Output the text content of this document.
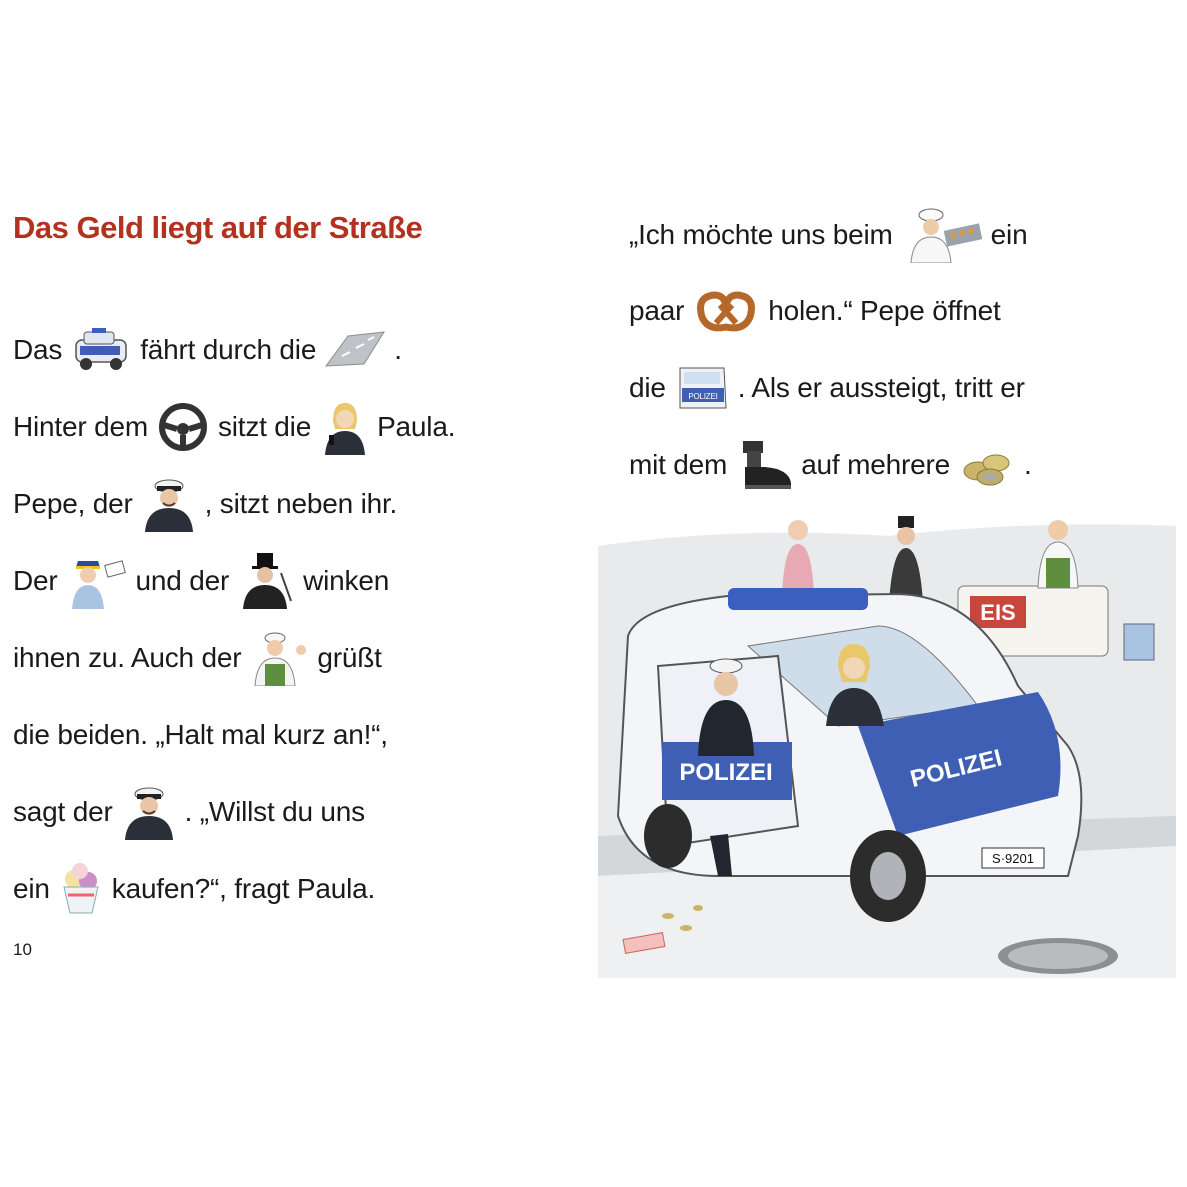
Das Geld liegt auf der Straße
Das	fährt durch die	.
Hinter dem	sitzt die Paula.
Pepe, der	, sitzt neben ihr.
Der	und der	winken
ihnen zu. Auch der	grüßt
die beiden. „Halt mal kurz an!“,
sagt der	. „Willst du uns
ein kaufen?“, fragt Paula.
10
„Ich möchte uns beim	ein
paar	holen.“ Pepe öffnet
die	POLIZEI . Als er aussteigt, tritt er
mit dem	auf mehrere	.
EIS
POLIZEI
POLIZEI
S·9201
